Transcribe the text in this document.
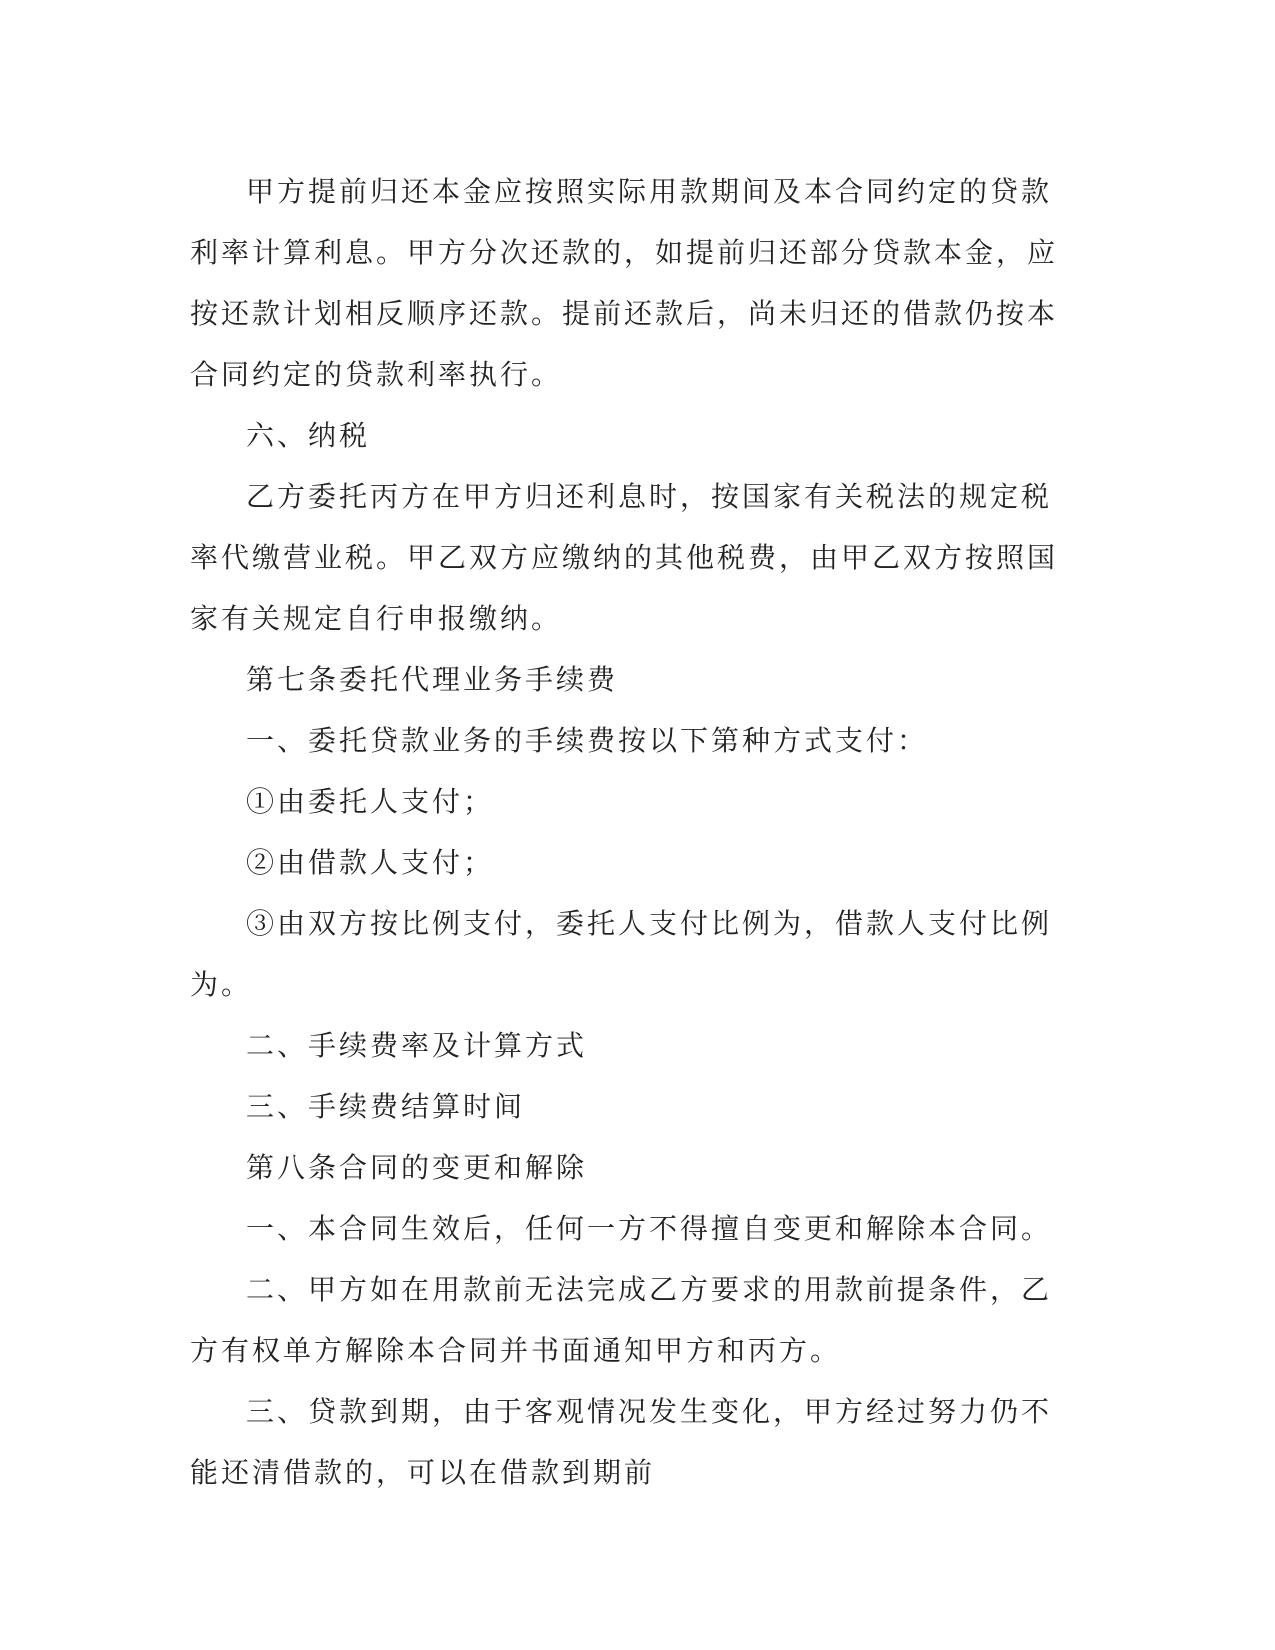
甲方提前归还本金应按照实际用款期间及本合同约定的贷款利率计算利息。甲方分次还款的，如提前归还部分贷款本金，应按还款计划相反顺序还款。提前还款后，尚未归还的借款仍按本合同约定的贷款利率执行。

六、纳税

乙方委托丙方在甲方归还利息时，按国家有关税法的规定税率代缴营业税。甲乙双方应缴纳的其他税费，由甲乙双方按照国家有关规定自行申报缴纳。

第七条委托代理业务手续费

一、委托贷款业务的手续费按以下第种方式支付：

①由委托人支付；

②由借款人支付；

③由双方按比例支付，委托人支付比例为，借款人支付比例为。

二、手续费率及计算方式

三、手续费结算时间

第八条合同的变更和解除

一、本合同生效后，任何一方不得擅自变更和解除本合同。

二、甲方如在用款前无法完成乙方要求的用款前提条件，乙方有权单方解除本合同并书面通知甲方和丙方。

三、贷款到期，由于客观情况发生变化，甲方经过努力仍不能还清借款的，可以在借款到期前
